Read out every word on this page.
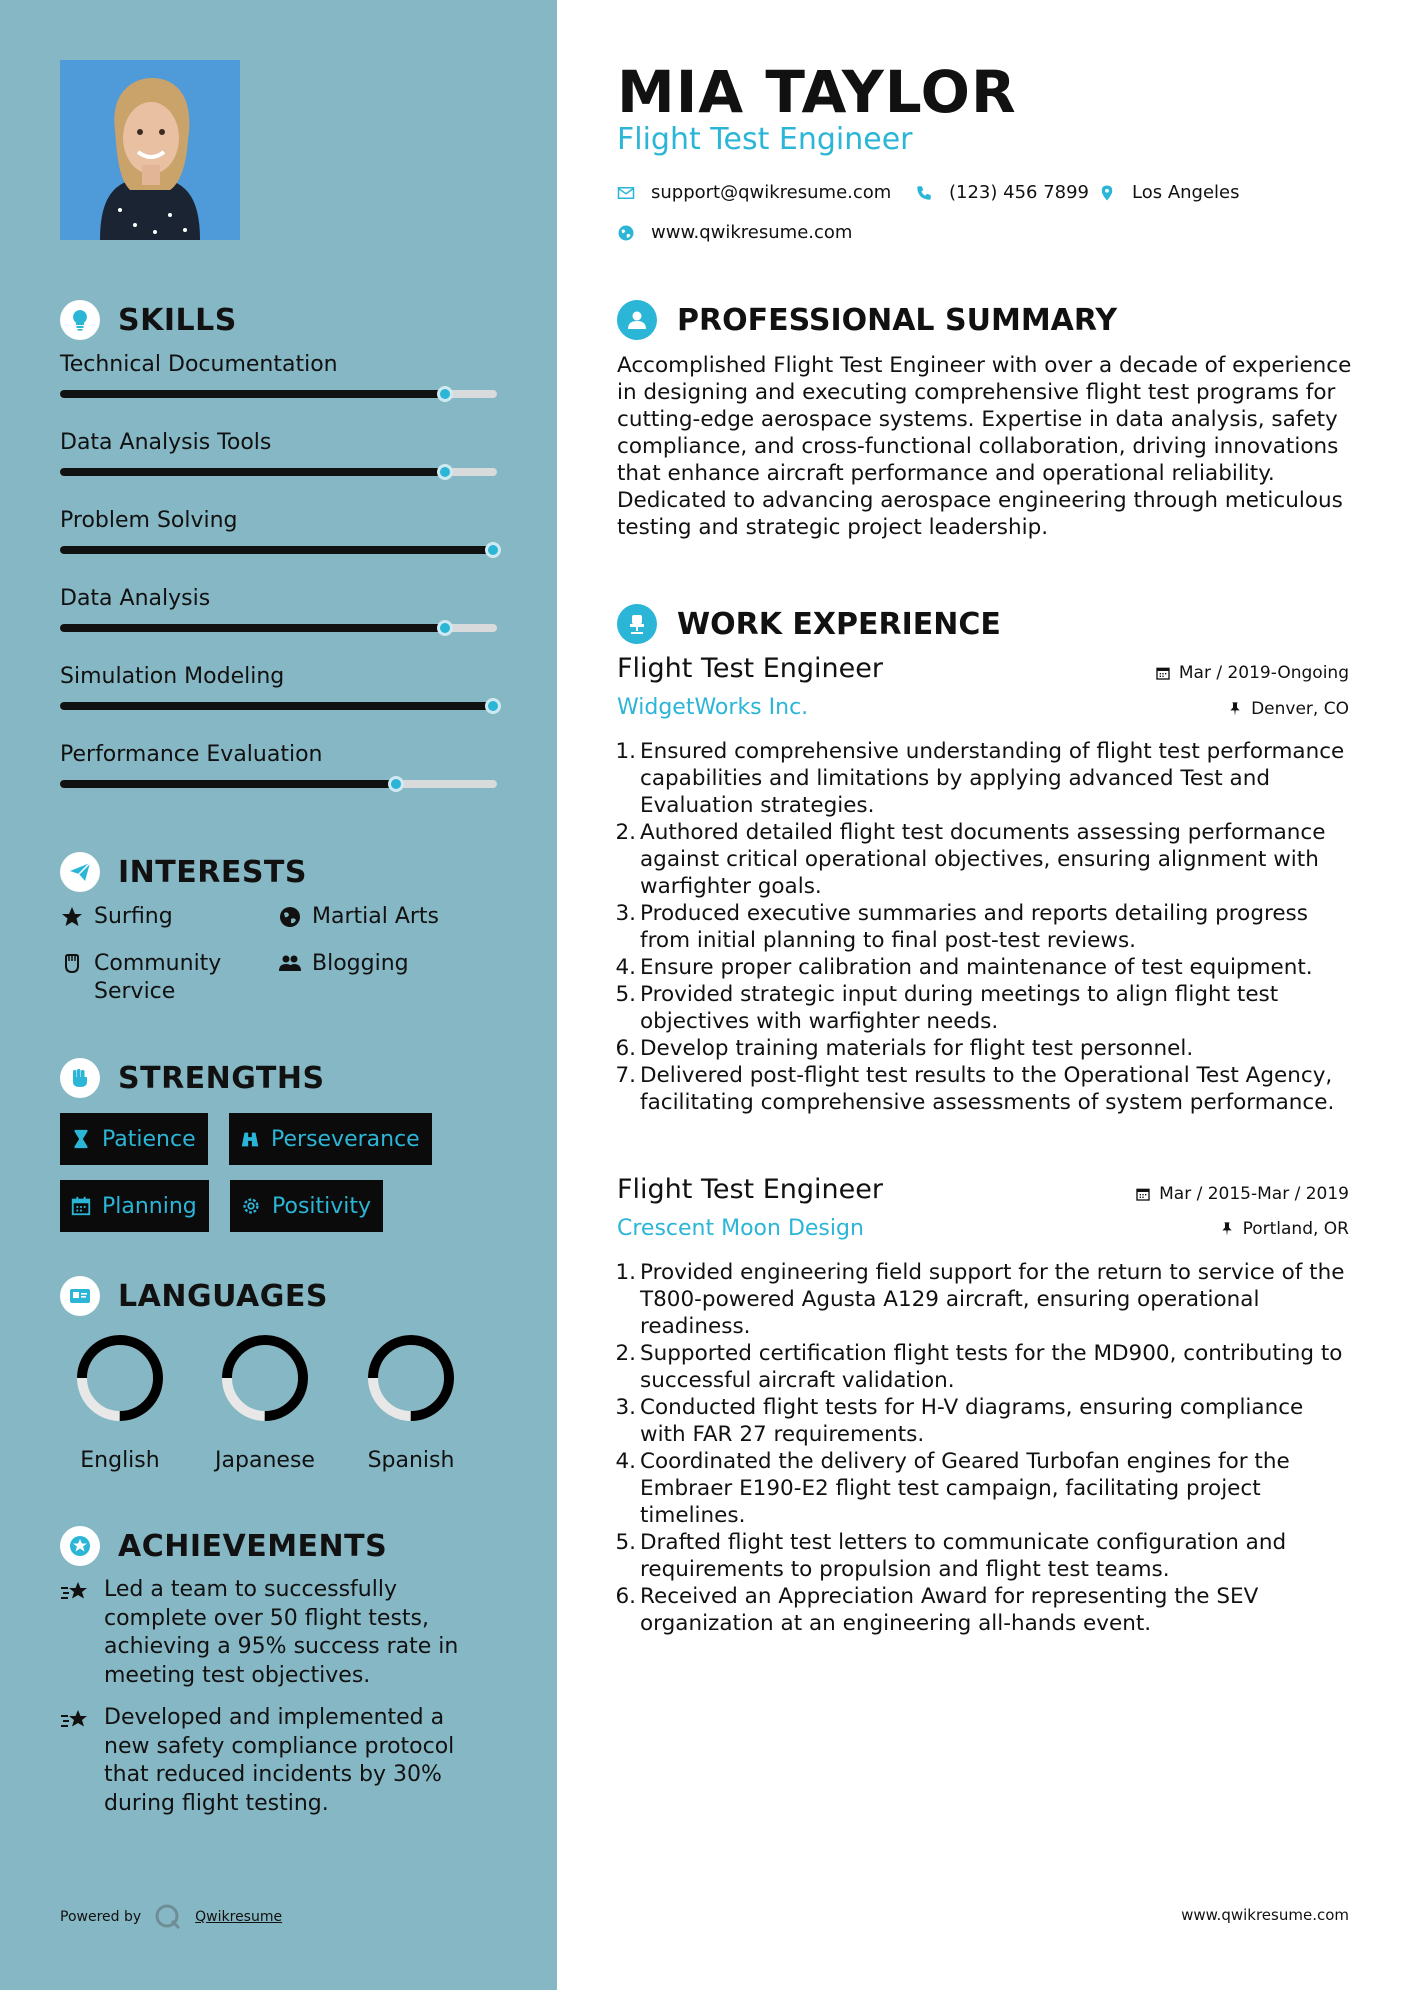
SKILLS
Technical Documentation
Data Analysis Tools
Problem Solving
Data Analysis
Simulation Modeling
Performance Evaluation
INTERESTS
Surfing	Martial Arts
Community Service
Blogging
STRENGTHS
Patience	Perseverance
Planning	Positivity
LANGUAGES
English	Japanese	Spanish
ACHIEVEMENTS
Led a team to successfully complete over 50 flight tests, achieving a 95% success rate in meeting test objectives.
Developed and implemented a new safety compliance protocol that reduced incidents by 30% during flight testing.
Powered by	Qwikresume
MIA TAYLOR
Flight Test Engineer
support@qwikresume.com	(123) 456 7899 Los Angeles
www.qwikresume.com
PROFESSIONAL SUMMARY
Accomplished Flight Test Engineer with over a decade of experience in designing and executing comprehensive flight test programs for cutting-edge aerospace systems. Expertise in data analysis, safety compliance, and cross-functional collaboration, driving innovations that enhance aircraft performance and operational reliability. Dedicated to advancing aerospace engineering through meticulous testing and strategic project leadership.
WORK EXPERIENCE
Flight Test Engineer	Mar / 2019-Ongoing
WidgetWorks Inc.	Denver, CO
1. Ensured comprehensive understanding of flight test performance capabilities and limitations by applying advanced Test and Evaluation strategies.
2. Authored detailed flight test documents assessing performance against critical operational objectives, ensuring alignment with warfighter goals.
3. Produced executive summaries and reports detailing progress from initial planning to final post-test reviews.
4. Ensure proper calibration and maintenance of test equipment.
5. Provided strategic input during meetings to align flight test objectives with warfighter needs.
6. Develop training materials for flight test personnel.
7. Delivered post-flight test results to the Operational Test Agency, facilitating comprehensive assessments of system performance.
Flight Test Engineer	Mar / 2015-Mar / 2019
Crescent Moon Design	Portland, OR
1. Provided engineering field support for the return to service of the T800-powered Agusta A129 aircraft, ensuring operational readiness.
2. Supported certification flight tests for the MD900, contributing to successful aircraft validation.
3. Conducted flight tests for H-V diagrams, ensuring compliance with FAR 27 requirements.
4. Coordinated the delivery of Geared Turbofan engines for the Embraer E190-E2 flight test campaign, facilitating project timelines.
5. Drafted flight test letters to communicate configuration and requirements to propulsion and flight test teams.
6. Received an Appreciation Award for representing the SEV organization at an engineering all-hands event.
www.qwikresume.com
